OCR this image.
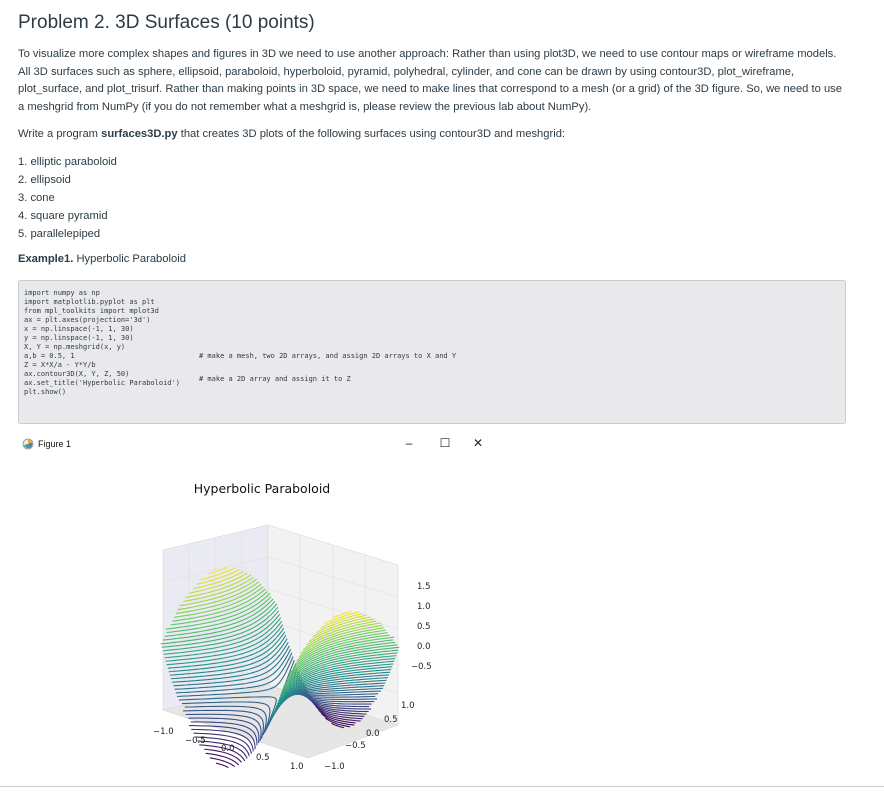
Problem 2. 3D Surfaces (10 points)
To visualize more complex shapes and figures in 3D we need to use another approach: Rather than using plot3D, we need to use contour maps or wireframe models. All 3D surfaces such as sphere, ellipsoid, paraboloid, hyperboloid, pyramid, polyhedral, cylinder, and cone can be drawn by using contour3D, plot_wireframe, plot_surface, and plot_trisurf. Rather than making points in 3D space, we need to make lines that correspond to a mesh (or a grid) of the 3D figure. So, we need to use a meshgrid from NumPy (if you do not remember what a meshgrid is, please review the previous lab about NumPy).
Write a program surfaces3D.py that creates 3D plots of the following surfaces using contour3D and meshgrid:
1. elliptic paraboloid
2. ellipsoid
3. cone
4. square pyramid
5. parallelepiped
Example1. Hyperbolic Paraboloid
import numpy as np
import matplotlib.pyplot as plt
from mpl_toolkits import mplot3d
ax = plt.axes(projection='3d')
x = np.linspace(-1, 1, 30)
y = np.linspace(-1, 1, 30)
X, Y = np.meshgrid(x, y)
a,b = 0.5, 1
Z = X*X/a - Y*Y/b
ax.contour3D(X, Y, Z, 50)
ax.set_title('Hyperbolic Paraboloid')
plt.show()
# make a mesh, two 2D arrays, and assign 2D arrays to X and Y
# make a 2D array and assign it to Z
Figure 1	–	☐ ✕
Hyperbolic Paraboloid
−1.0
−0.5
0.0
0.5
1.0 −1.0
−0.5
0.0
0.5
1.0
1.5
1.0
0.5
0.0
−0.5
